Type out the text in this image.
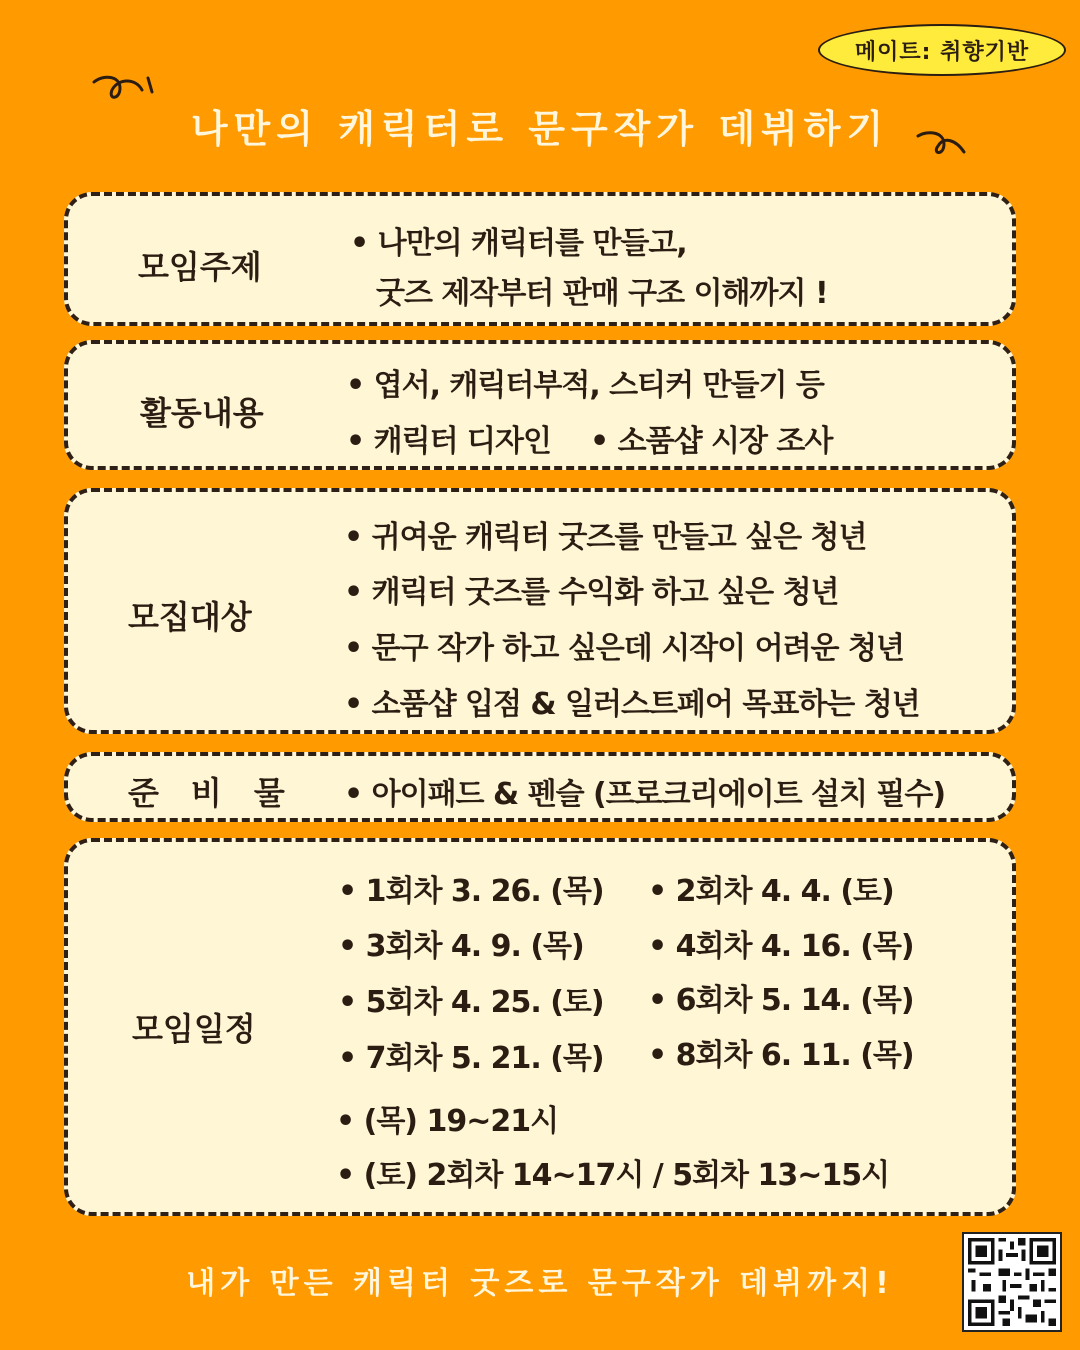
메이트: 취향기반
나만의 캐릭터로 문구작가 데뷔하기
모임주제
• 나만의 캐릭터를 만들고,
굿즈 제작부터 판매 구조 이해까지 !
활동내용
• 엽서, 캐릭터부적, 스티커 만들기 등
• 캐릭터 디자인 • 소품샵 시장 조사
모집대상
• 귀여운 캐릭터 굿즈를 만들고 싶은 청년
• 캐릭터 굿즈를 수익화 하고 싶은 청년
• 문구 작가 하고 싶은데 시작이 어려운 청년
• 소품샵 입점 & 일러스트페어 목표하는 청년
준　비　물 • 아이패드 & 펜슬 (프로크리에이트 설치 필수)
모임일정
• 1회차 3. 26. (목) • 2회차 4. 4. (토)
• 3회차 4. 9. (목) • 4회차 4. 16. (목)
• 5회차 4. 25. (토) • 6회차 5. 14. (목)
• 7회차 5. 21. (목) • 8회차 6. 11. (목)
• (목) 19~21시
• (토) 2회차 14~17시 / 5회차 13~15시
내가 만든 캐릭터 굿즈로 문구작가 데뷔까지!
